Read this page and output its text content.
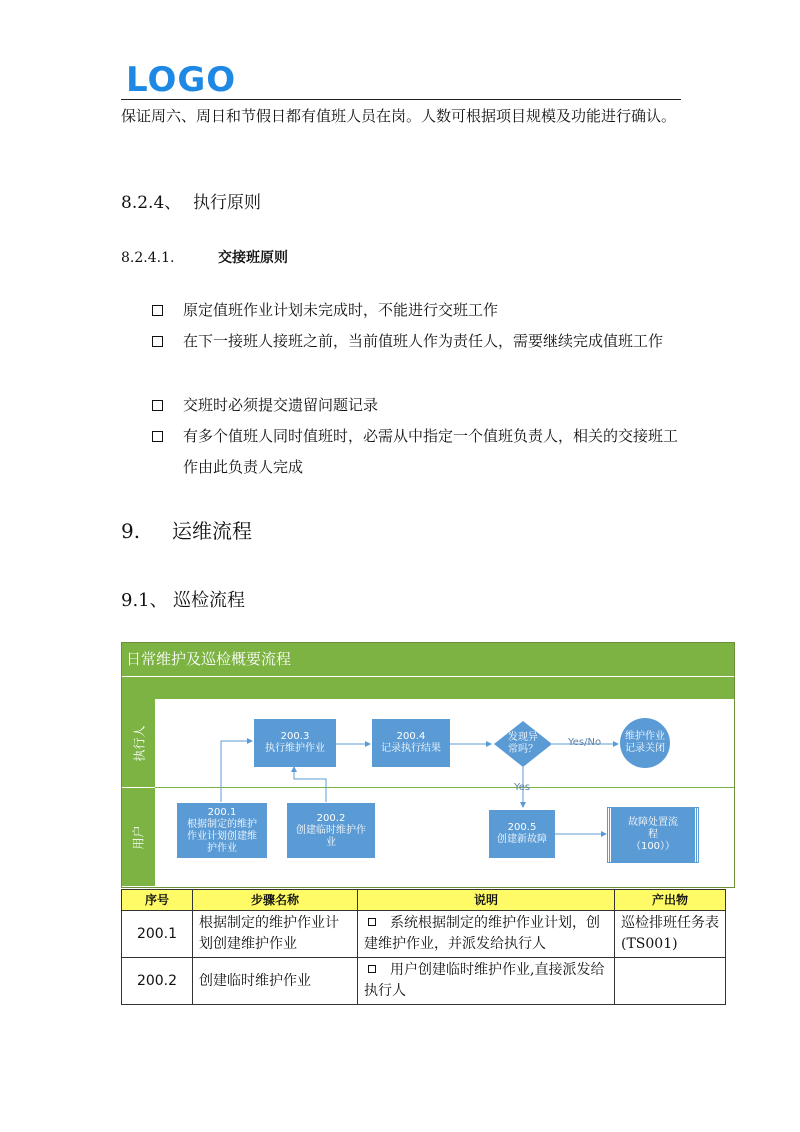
LOGO
保证周六、周日和节假日都有值班人员在岗。人数可根据项目规模及功能进行确认。
8.2.4、 执行原则
8.2.4.1.	交接班原则
原定值班作业计划未完成时，不能进行交班工作
在下一接班人接班之前，当前值班人作为责任人，需要继续完成值班工作
交班时必须提交遗留问题记录
有多个值班人同时值班时，必需从中指定一个值班负责人，相关的交接班工作由此负责人完成
9. 运维流程
9.1、 巡检流程
日常维护及巡检概要流程
执行人
用户
200.3
执行维护作业
200.4
记录执行结果
发现异
常吗？
维护作业
记录关闭
Yes/No
Yes
200.1
根据制定的维护
作业计划创建维
护作业
200.2
创建临时维护作
业
200.5
创建新故障
故障处置流
程
（100））
序号	步骤名称	说明	产出物
200.1	根据制定的维护作业计划创建维护作业	系统根据制定的维护作业计划，创建维护作业，并派发给执行人	巡检排班任务表(TS001)
200.2	创建临时维护作业	用户创建临时维护作业,直接派发给执行人	
